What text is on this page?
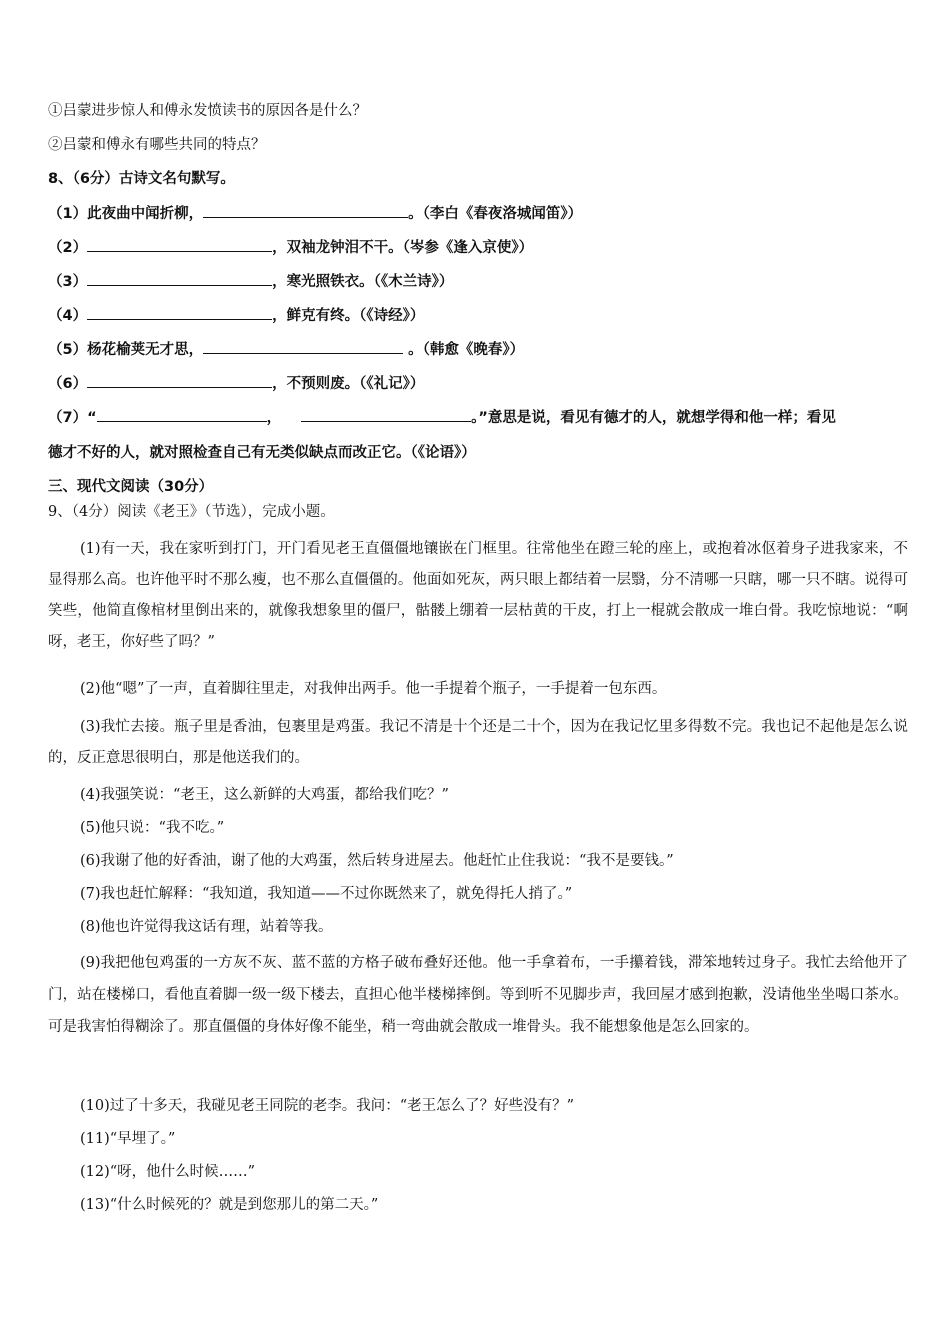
①吕蒙进步惊人和傅永发愤读书的原因各是什么？
②吕蒙和傅永有哪些共同的特点？
8、（6分）古诗文名句默写。
（1）此夜曲中闻折柳，	。（李白《春夜洛城闻笛》）
（2）	，双袖龙钟泪不干。（岑参《逢入京使》）
（3）	，寒光照铁衣。（《木兰诗》）
（4）	，鲜克有终。（《诗经》）
（5）杨花榆荚无才思，	。（韩愈《晚春》）
（6）	，不预则废。（《礼记》）
（7）“	，	。”意思是说，看见有德才的人，就想学得和他一样；看见
德才不好的人，就对照检查自己有无类似缺点而改正它。（《论语》）
三、现代文阅读（30分）
9、（4分）阅读《老王》（节选），完成小题。
(1)有一天，我在家听到打门，开门看见老王直僵僵地镶嵌在门框里。往常他坐在蹬三轮的座上，或抱着冰伛着身子进我家来，不显得那么高。也许他平时不那么瘦，也不那么直僵僵的。他面如死灰，两只眼上都结着一层翳，分不清哪一只瞎，哪一只不瞎。说得可笑些，他简直像棺材里倒出来的，就像我想象里的僵尸，骷髅上绷着一层枯黄的干皮，打上一棍就会散成一堆白骨。我吃惊地说：“啊呀，老王，你好些了吗？”
(2)他“嗯”了一声，直着脚往里走，对我伸出两手。他一手提着个瓶子，一手提着一包东西。
(3)我忙去接。瓶子里是香油，包裹里是鸡蛋。我记不清是十个还是二十个，因为在我记忆里多得数不完。我也记不起他是怎么说的，反正意思很明白，那是他送我们的。
(4)我强笑说：“老王，这么新鲜的大鸡蛋，都给我们吃？”
(5)他只说：“我不吃。”
(6)我谢了他的好香油，谢了他的大鸡蛋，然后转身进屋去。他赶忙止住我说：“我不是要钱。”
(7)我也赶忙解释：“我知道，我知道——不过你既然来了，就免得托人捎了。”
(8)他也许觉得我这话有理，站着等我。
(9)我把他包鸡蛋的一方灰不灰、蓝不蓝的方格子破布叠好还他。他一手拿着布，一手攥着钱，滞笨地转过身子。我忙去给他开了门，站在楼梯口，看他直着脚一级一级下楼去，直担心他半楼梯摔倒。等到听不见脚步声，我回屋才感到抱歉，没请他坐坐喝口茶水。可是我害怕得糊涂了。那直僵僵的身体好像不能坐，稍一弯曲就会散成一堆骨头。我不能想象他是怎么回家的。
(10)过了十多天，我碰见老王同院的老李。我问：“老王怎么了？好些没有？”
(11)“早埋了。”
(12)“呀，他什么时候……”
(13)“什么时候死的？就是到您那儿的第二天。”
